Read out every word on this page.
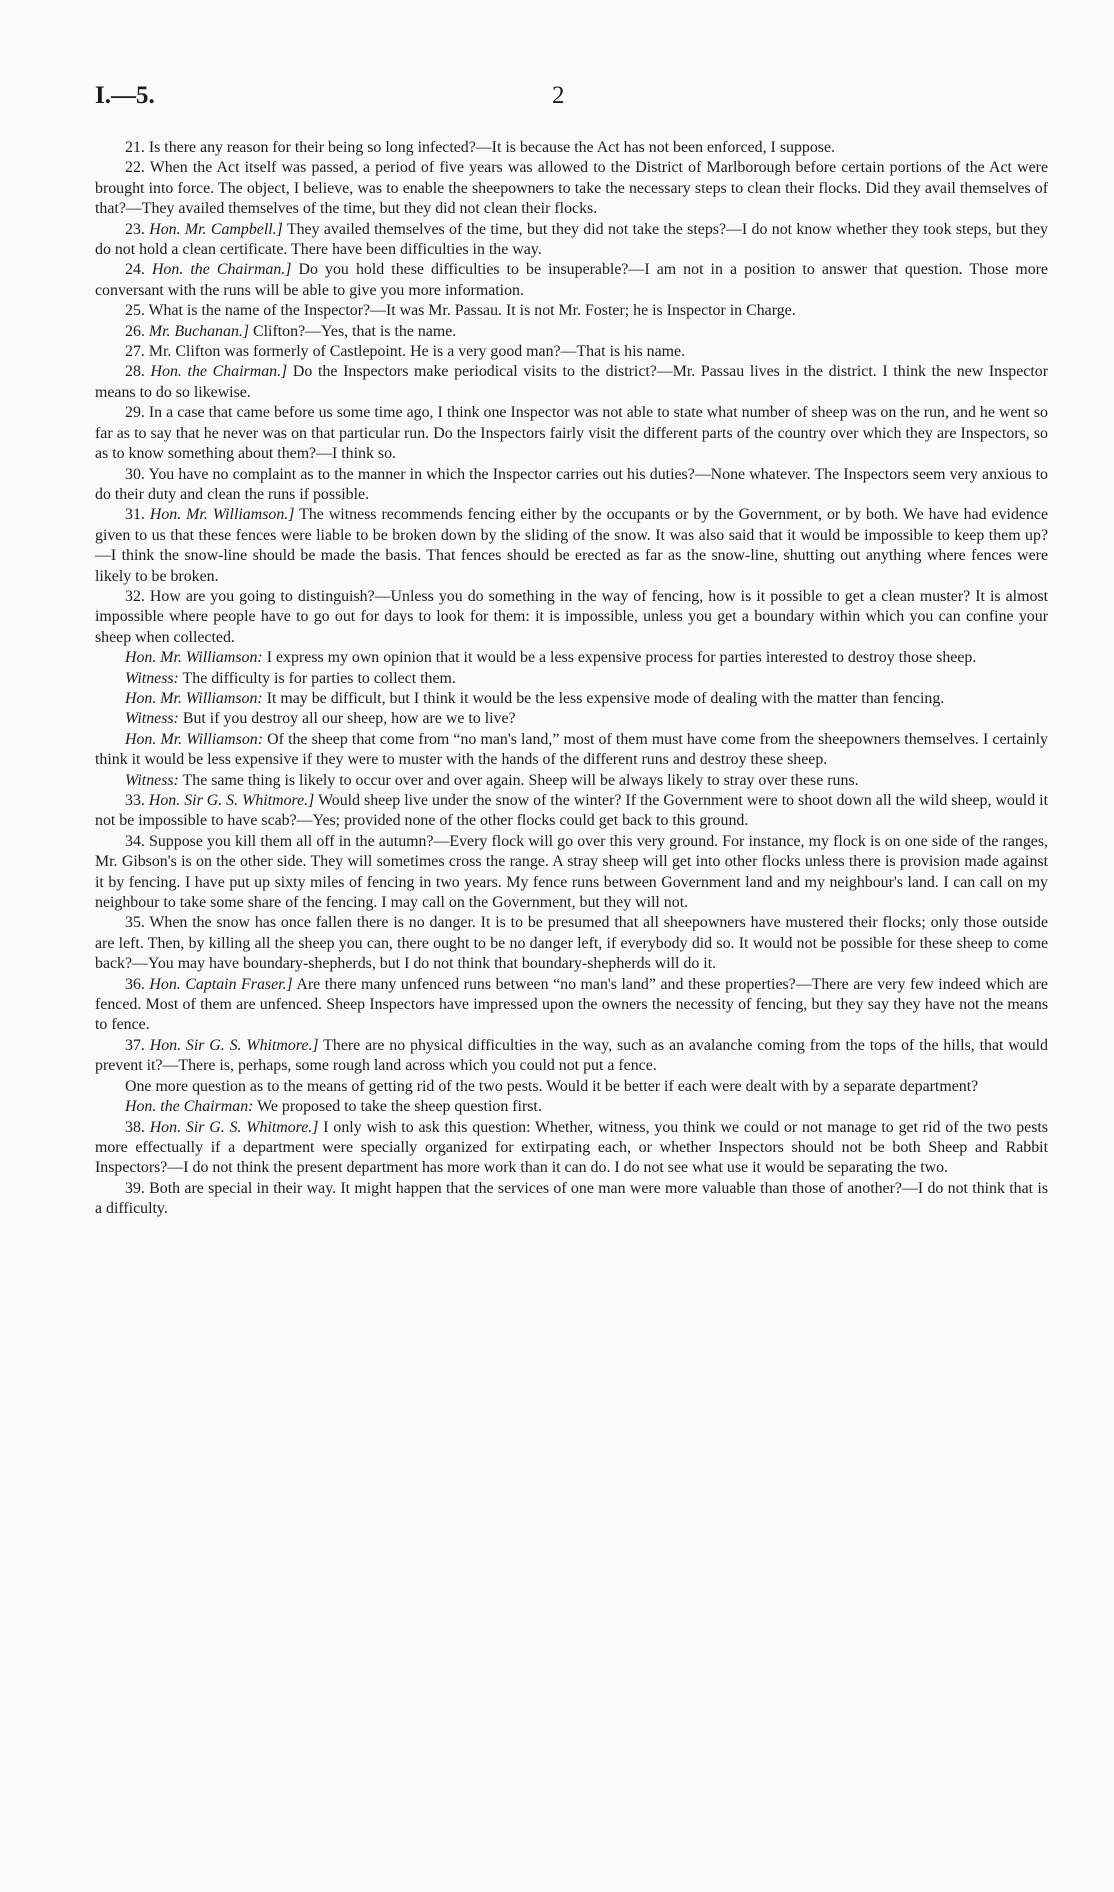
I.—5.	2

21. Is there any reason for their being so long infected?—It is because the Act has not been enforced, I suppose.

22. When the Act itself was passed, a period of five years was allowed to the District of Marlborough before certain portions of the Act were brought into force. The object, I believe, was to enable the sheepowners to take the necessary steps to clean their flocks. Did they avail themselves of that?—They availed themselves of the time, but they did not clean their flocks.

23. Hon. Mr. Campbell.] They availed themselves of the time, but they did not take the steps?—I do not know whether they took steps, but they do not hold a clean certificate. There have been difficulties in the way.

24. Hon. the Chairman.] Do you hold these difficulties to be insuperable?—I am not in a position to answer that question. Those more conversant with the runs will be able to give you more information.

25. What is the name of the Inspector?—It was Mr. Passau. It is not Mr. Foster; he is Inspector in Charge.

26. Mr. Buchanan.] Clifton?—Yes, that is the name.

27. Mr. Clifton was formerly of Castlepoint. He is a very good man?—That is his name.

28. Hon. the Chairman.] Do the Inspectors make periodical visits to the district?—Mr. Passau lives in the district. I think the new Inspector means to do so likewise.

29. In a case that came before us some time ago, I think one Inspector was not able to state what number of sheep was on the run, and he went so far as to say that he never was on that particular run. Do the Inspectors fairly visit the different parts of the country over which they are Inspectors, so as to know something about them?—I think so.

30. You have no complaint as to the manner in which the Inspector carries out his duties?—None whatever. The Inspectors seem very anxious to do their duty and clean the runs if possible.

31. Hon. Mr. Williamson.] The witness recommends fencing either by the occupants or by the Government, or by both. We have had evidence given to us that these fences were liable to be broken down by the sliding of the snow. It was also said that it would be impossible to keep them up?—I think the snow-line should be made the basis. That fences should be erected as far as the snow-line, shutting out anything where fences were likely to be broken.

32. How are you going to distinguish?—Unless you do something in the way of fencing, how is it possible to get a clean muster? It is almost impossible where people have to go out for days to look for them: it is impossible, unless you get a boundary within which you can confine your sheep when collected.

Hon. Mr. Williamson: I express my own opinion that it would be a less expensive process for parties interested to destroy those sheep.

Witness: The difficulty is for parties to collect them.

Hon. Mr. Williamson: It may be difficult, but I think it would be the less expensive mode of dealing with the matter than fencing.

Witness: But if you destroy all our sheep, how are we to live?

Hon. Mr. Williamson: Of the sheep that come from “no man's land,” most of them must have come from the sheepowners themselves. I certainly think it would be less expensive if they were to muster with the hands of the different runs and destroy these sheep.

Witness: The same thing is likely to occur over and over again. Sheep will be always likely to stray over these runs.

33. Hon. Sir G. S. Whitmore.] Would sheep live under the snow of the winter? If the Government were to shoot down all the wild sheep, would it not be impossible to have scab?—Yes; provided none of the other flocks could get back to this ground.

34. Suppose you kill them all off in the autumn?—Every flock will go over this very ground. For instance, my flock is on one side of the ranges, Mr. Gibson's is on the other side. They will sometimes cross the range. A stray sheep will get into other flocks unless there is provision made against it by fencing. I have put up sixty miles of fencing in two years. My fence runs between Government land and my neighbour's land. I can call on my neighbour to take some share of the fencing. I may call on the Government, but they will not.

35. When the snow has once fallen there is no danger. It is to be presumed that all sheepowners have mustered their flocks; only those outside are left. Then, by killing all the sheep you can, there ought to be no danger left, if everybody did so. It would not be possible for these sheep to come back?—You may have boundary-shepherds, but I do not think that boundary-shepherds will do it.

36. Hon. Captain Fraser.] Are there many unfenced runs between “no man's land” and these properties?—There are very few indeed which are fenced. Most of them are unfenced. Sheep Inspectors have impressed upon the owners the necessity of fencing, but they say they have not the means to fence.

37. Hon. Sir G. S. Whitmore.] There are no physical difficulties in the way, such as an avalanche coming from the tops of the hills, that would prevent it?—There is, perhaps, some rough land across which you could not put a fence.

One more question as to the means of getting rid of the two pests. Would it be better if each were dealt with by a separate department?

Hon. the Chairman: We proposed to take the sheep question first.

38. Hon. Sir G. S. Whitmore.] I only wish to ask this question: Whether, witness, you think we could or not manage to get rid of the two pests more effectually if a department were specially organized for extirpating each, or whether Inspectors should not be both Sheep and Rabbit Inspectors?—I do not think the present department has more work than it can do. I do not see what use it would be separating the two.

39. Both are special in their way. It might happen that the services of one man were more valuable than those of another?—I do not think that is a difficulty.
